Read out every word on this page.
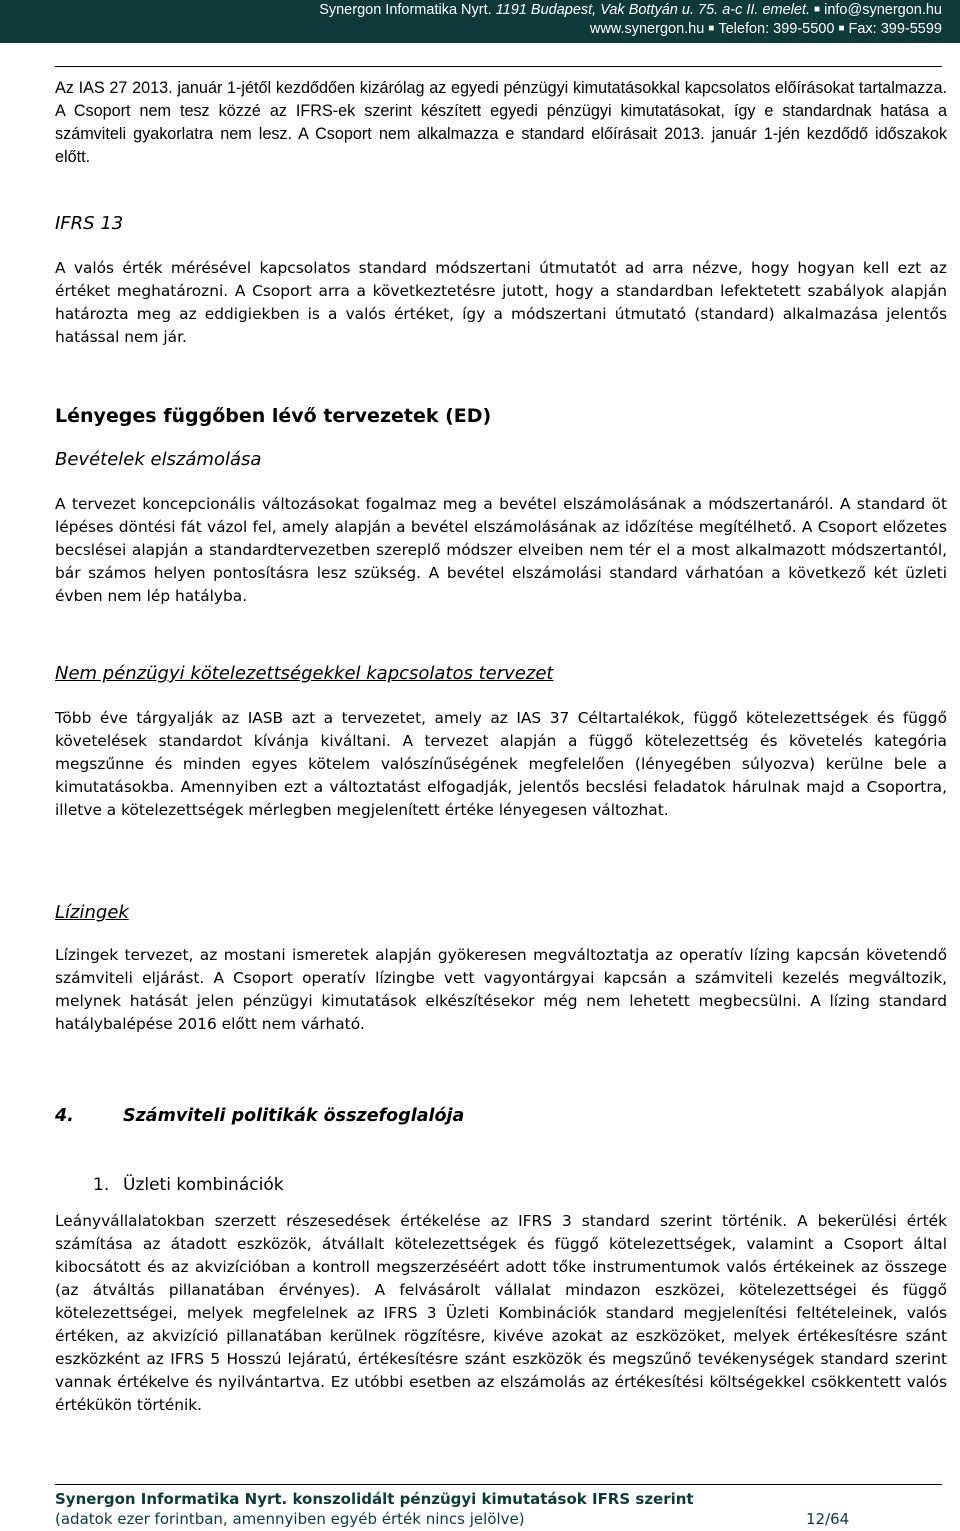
Synergon Informatika Nyrt. 1191 Budapest, Vak Bottyán u. 75. a-c II. emelet. ■ info@synergon.hu
www.synergon.hu ■ Telefon: 399-5500 ■ Fax: 399-5599

Az IAS 27 2013. január 1-jétől kezdődően kizárólag az egyedi pénzügyi kimutatásokkal kapcsolatos előírásokat tartalmazza. A Csoport nem tesz közzé az IFRS-ek szerint készített egyedi pénzügyi kimutatásokat, így e standardnak hatása a számviteli gyakorlatra nem lesz. A Csoport nem alkalmazza e standard előírásait 2013. január 1-jén kezdődő időszakok előtt.

IFRS 13

A valós érték mérésével kapcsolatos standard módszertani útmutatót ad arra nézve, hogy hogyan kell ezt az értéket meghatározni. A Csoport arra a következtetésre jutott, hogy a standardban lefektetett szabályok alapján határozta meg az eddigiekben is a valós értéket, így a módszertani útmutató (standard) alkalmazása jelentős hatással nem jár.

Lényeges függőben lévő tervezetek (ED)

Bevételek elszámolása

A tervezet koncepcionális változásokat fogalmaz meg a bevétel elszámolásának a módszertanáról. A standard öt lépéses döntési fát vázol fel, amely alapján a bevétel elszámolásának az időzítése megítélhető. A Csoport előzetes becslései alapján a standardtervezetben szereplő módszer elveiben nem tér el a most alkalmazott módszertantól, bár számos helyen pontosításra lesz szükség. A bevétel elszámolási standard várhatóan a következő két üzleti évben nem lép hatályba.

Nem pénzügyi kötelezettségekkel kapcsolatos tervezet

Több éve tárgyalják az IASB azt a tervezetet, amely az IAS 37 Céltartalékok, függő kötelezettségek és függő követelések standardot kívánja kiváltani. A tervezet alapján a függő kötelezettség és követelés kategória megszűnne és minden egyes kötelem valószínűségének megfelelően (lényegében súlyozva) kerülne bele a kimutatásokba. Amennyiben ezt a változtatást elfogadják, jelentős becslési feladatok hárulnak majd a Csoportra, illetve a kötelezettségek mérlegben megjelenített értéke lényegesen változhat.

Lízingek

Lízingek tervezet, az mostani ismeretek alapján gyökeresen megváltoztatja az operatív lízing kapcsán követendő számviteli eljárást. A Csoport operatív lízingbe vett vagyontárgyai kapcsán a számviteli kezelés megváltozik, melynek hatását jelen pénzügyi kimutatások elkészítésekor még nem lehetett megbecsülni. A lízing standard hatálybalépése 2016 előtt nem várható.

4.	Számviteli politikák összefoglalója

1. Üzleti kombinációk

Leányvállalatokban szerzett részesedések értékelése az IFRS 3 standard szerint történik. A bekerülési érték számítása az átadott eszközök, átvállalt kötelezettségek és függő kötelezettségek, valamint a Csoport által kibocsátott és az akvizícióban a kontroll megszerzéséért adott tőke instrumentumok valós értékeinek az összege (az átváltás pillanatában érvényes). A felvásárolt vállalat mindazon eszközei, kötelezettségei és függő kötelezettségei, melyek megfelelnek az IFRS 3 Üzleti Kombinációk standard megjelenítési feltételeinek, valós értéken, az akvizíció pillanatában kerülnek rögzítésre, kivéve azokat az eszközöket, melyek értékesítésre szánt eszközként az IFRS 5 Hosszú lejáratú, értékesítésre szánt eszközök és megszűnő tevékenységek standard szerint vannak értékelve és nyilvántartva. Ez utóbbi esetben az elszámolás az értékesítési költségekkel csökkentett valós értékükön történik.

Synergon Informatika Nyrt. konszolidált pénzügyi kimutatások IFRS szerint

(adatok ezer forintban, amennyiben egyéb érték nincs jelölve)	12/64
